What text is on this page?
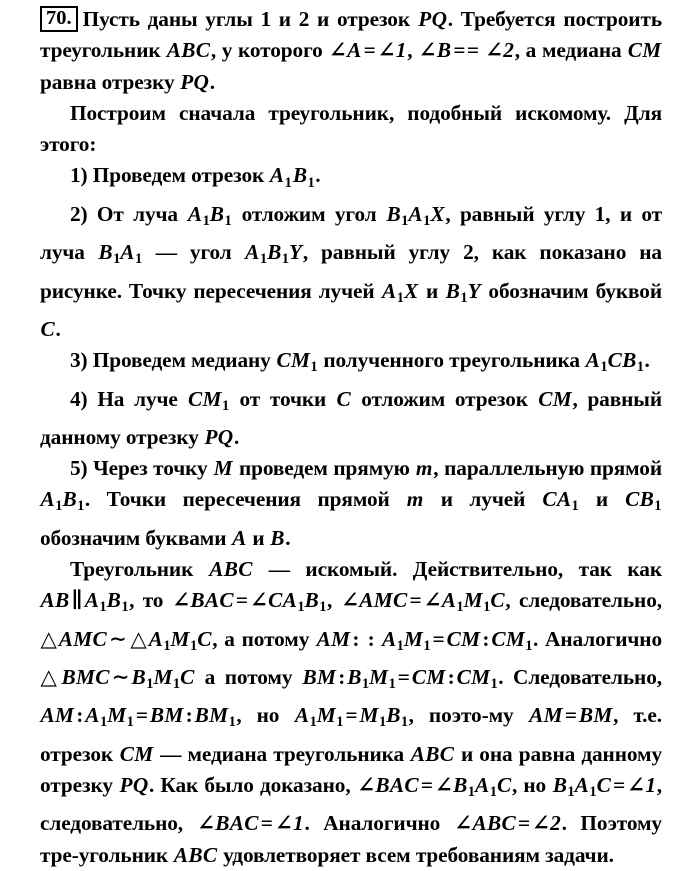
70. Пусть даны углы 1 и 2 и отрезок PQ. Требуется построить треугольник ABC, у которого ∠A=∠1, ∠B== ∠2, а медиана CM равна отрезку PQ.

Построим сначала треугольник, подобный искомому. Для этого:

1) Проведем отрезок $A_1B_1$.

2) От луча $A_1B_1$ отложим угол $B_1A_1X$, равный углу 1, и от луча $B_1A_1$ — угол $A_1B_1Y$, равный углу 2, как показано на рисунке. Точку пересечения лучей $A_1X$ и $B_1Y$ обозначим буквой C.

3) Проведем медиану $CM_1$ полученного треугольника $A_1CB_1$.

4) На луче $CM_1$ от точки C отложим отрезок CM, равный данному отрезку PQ.

5) Через точку M проведем прямую m, параллельную прямой $A_1B_1$. Точки пересечения прямой m и лучей $CA_1$ и $CB_1$ обозначим буквами A и B.

Треугольник ABC — искомый. Действительно, так как $AB\parallel A_1B_1$, то $\angle BAC=\angle CA_1B_1$, $\angle AMC=\angle A_1M_1C$, следовательно, $\triangle AMC\sim\triangle A_1M_1C$, а потому AM: : $A_1M_1=CM:CM_1$. Аналогично $\triangle BMC\sim B_1M_1C$ а потому $BM:B_1M_1=CM:CM_1$. Следовательно, $AM:A_1M_1=BM:BM_1$, но $A_1M_1=M_1B_1$, поэто-му AM=BM, т.е. отрезок CM — медиана треугольника ABC и она равна данному отрезку PQ. Как было доказано, $\angle BAC=\angle B_1A_1C$, но $B_1A_1C=\angle 1$, следовательно, ∠BAC=∠1. Аналогично ∠ABC=∠2. Поэтому тре-угольник ABC удовлетворяет всем требованиям задачи.
